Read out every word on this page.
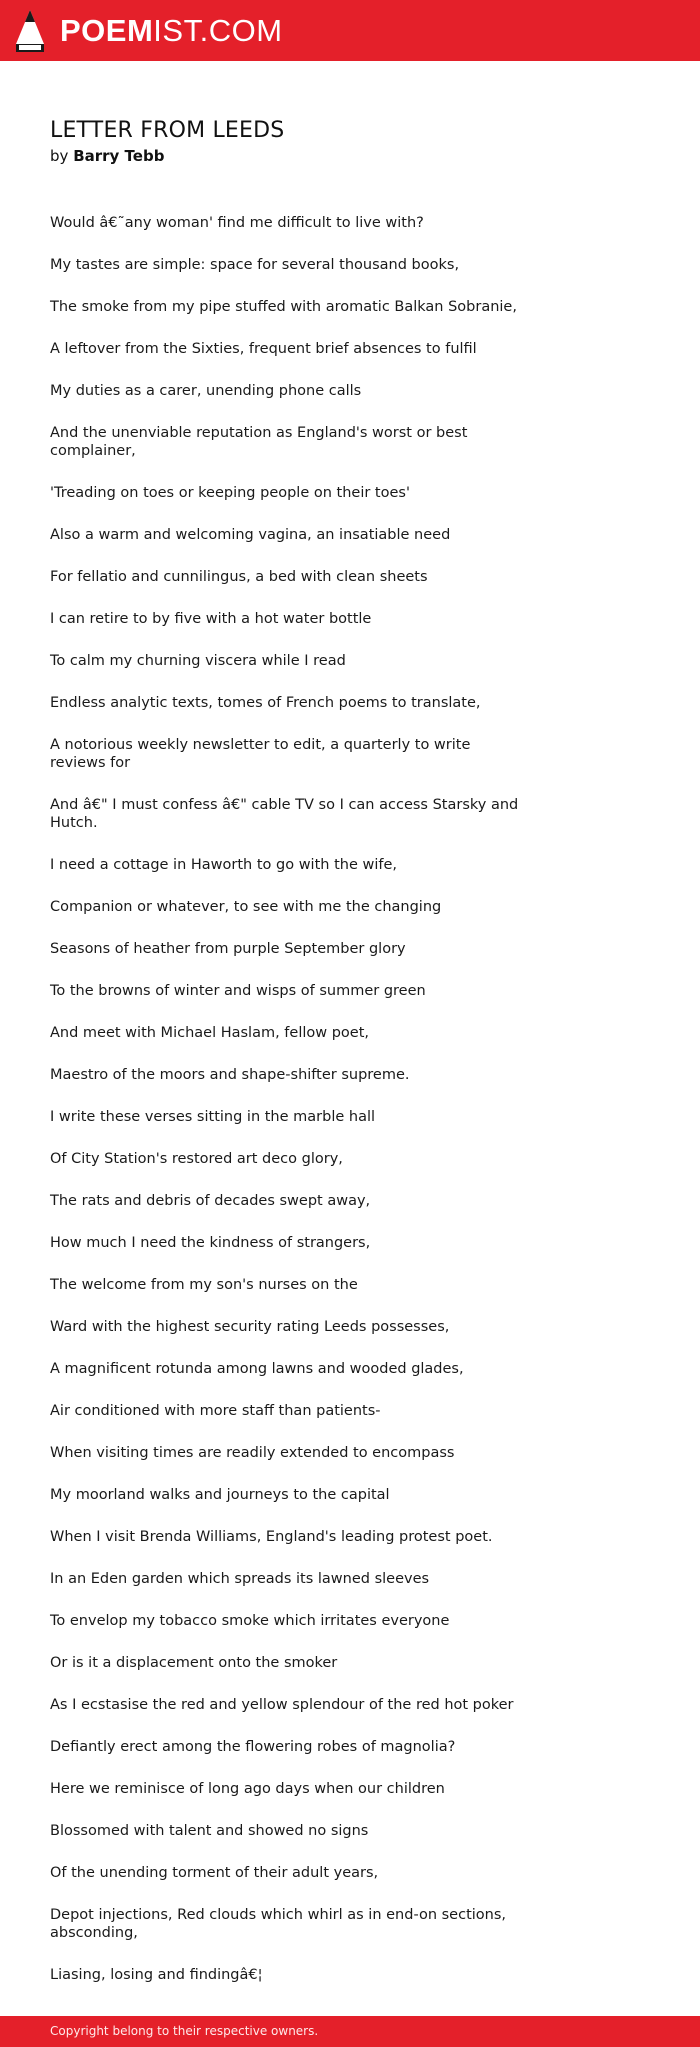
POEMIST.COM
LETTER FROM LEEDS
by Barry Tebb

Would â€˜any woman' find me difficult to live with?

My tastes are simple: space for several thousand books,

The smoke from my pipe stuffed with aromatic Balkan Sobranie,

A leftover from the Sixties, frequent brief absences to fulfil

My duties as a carer, unending phone calls

And the unenviable reputation as England's worst or best complainer,

'Treading on toes or keeping people on their toes'

Also a warm and welcoming vagina, an insatiable need

For fellatio and cunnilingus, a bed with clean sheets

I can retire to by five with a hot water bottle

To calm my churning viscera while I read

Endless analytic texts, tomes of French poems to translate,

A notorious weekly newsletter to edit, a quarterly to write reviews for

And â€" I must confess â€" cable TV so I can access Starsky and Hutch.

I need a cottage in Haworth to go with the wife,

Companion or whatever, to see with me the changing

Seasons of heather from purple September glory

To the browns of winter and wisps of summer green

And meet with Michael Haslam, fellow poet,

Maestro of the moors and shape-shifter supreme.

I write these verses sitting in the marble hall

Of City Station's restored art deco glory,

The rats and debris of decades swept away,

How much I need the kindness of strangers,

The welcome from my son's nurses on the

Ward with the highest security rating Leeds possesses,

A magnificent rotunda among lawns and wooded glades,

Air conditioned with more staff than patients-

When visiting times are readily extended to encompass

My moorland walks and journeys to the capital

When I visit Brenda Williams, England's leading protest poet.

In an Eden garden which spreads its lawned sleeves

To envelop my tobacco smoke which irritates everyone

Or is it a displacement onto the smoker

As I ecstasise the red and yellow splendour of the red hot poker

Defiantly erect among the flowering robes of magnolia?

Here we reminisce of long ago days when our children

Blossomed with talent and showed no signs

Of the unending torment of their adult years,

Depot injections, Red clouds which whirl as in end-on sections, absconding,

Liasing, losing and findingâ€¦

Copyright belong to their respective owners.
